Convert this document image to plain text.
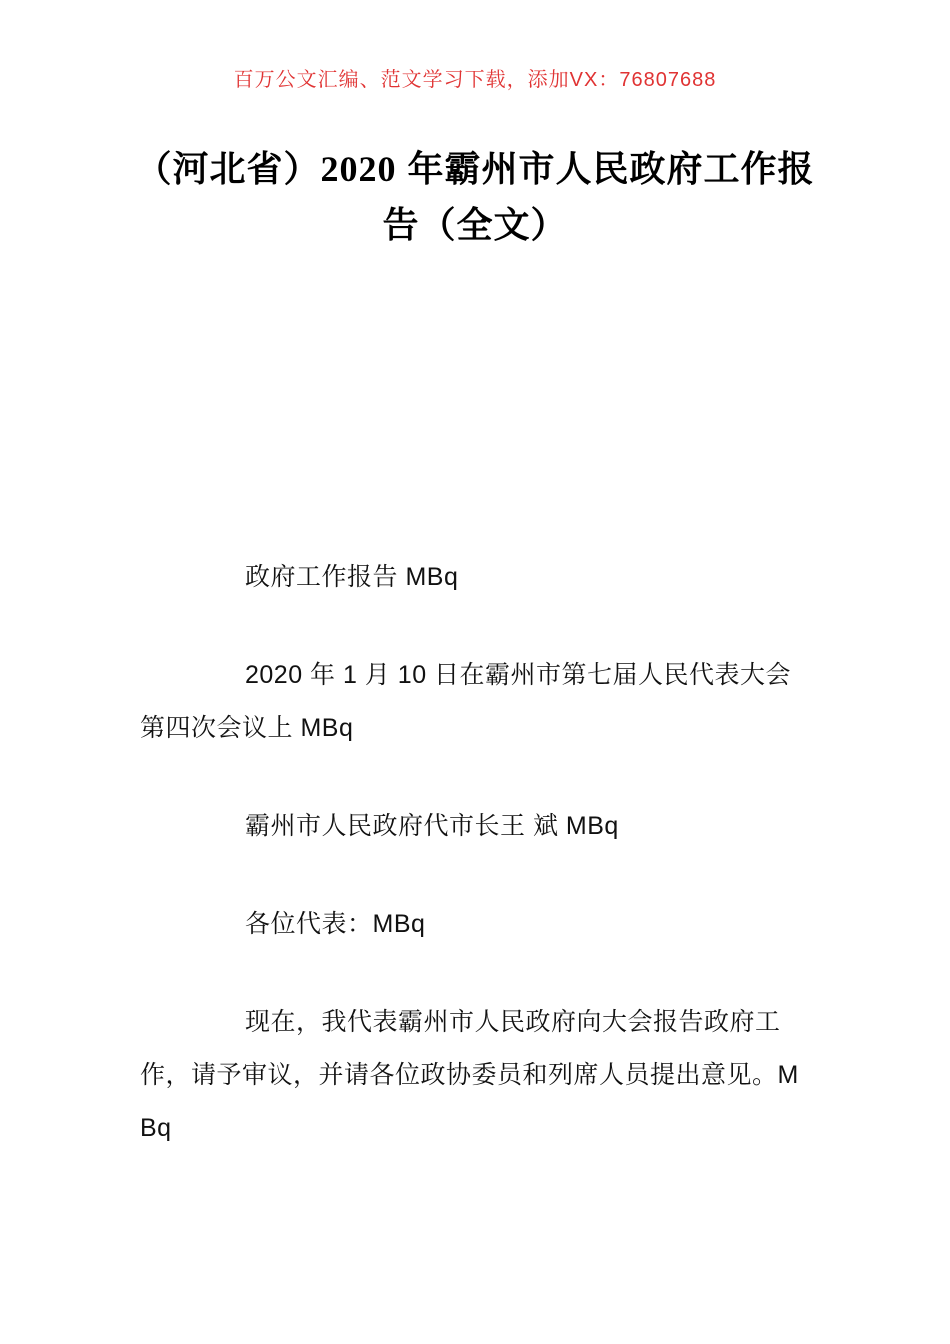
百万公文汇编、范文学习下载，添加VX：76807688
（河北省）2020 年霸州市人民政府工作报
告（全文）

政府工作报告 MBq

2020 年 1 月 10 日在霸州市第七届人民代表大会第四次会议上 MBq

霸州市人民政府代市长王 斌 MBq

各位代表：MBq

现在，我代表霸州市人民政府向大会报告政府工作，请予审议，并请各位政协委员和列席人员提出意见。MBq
